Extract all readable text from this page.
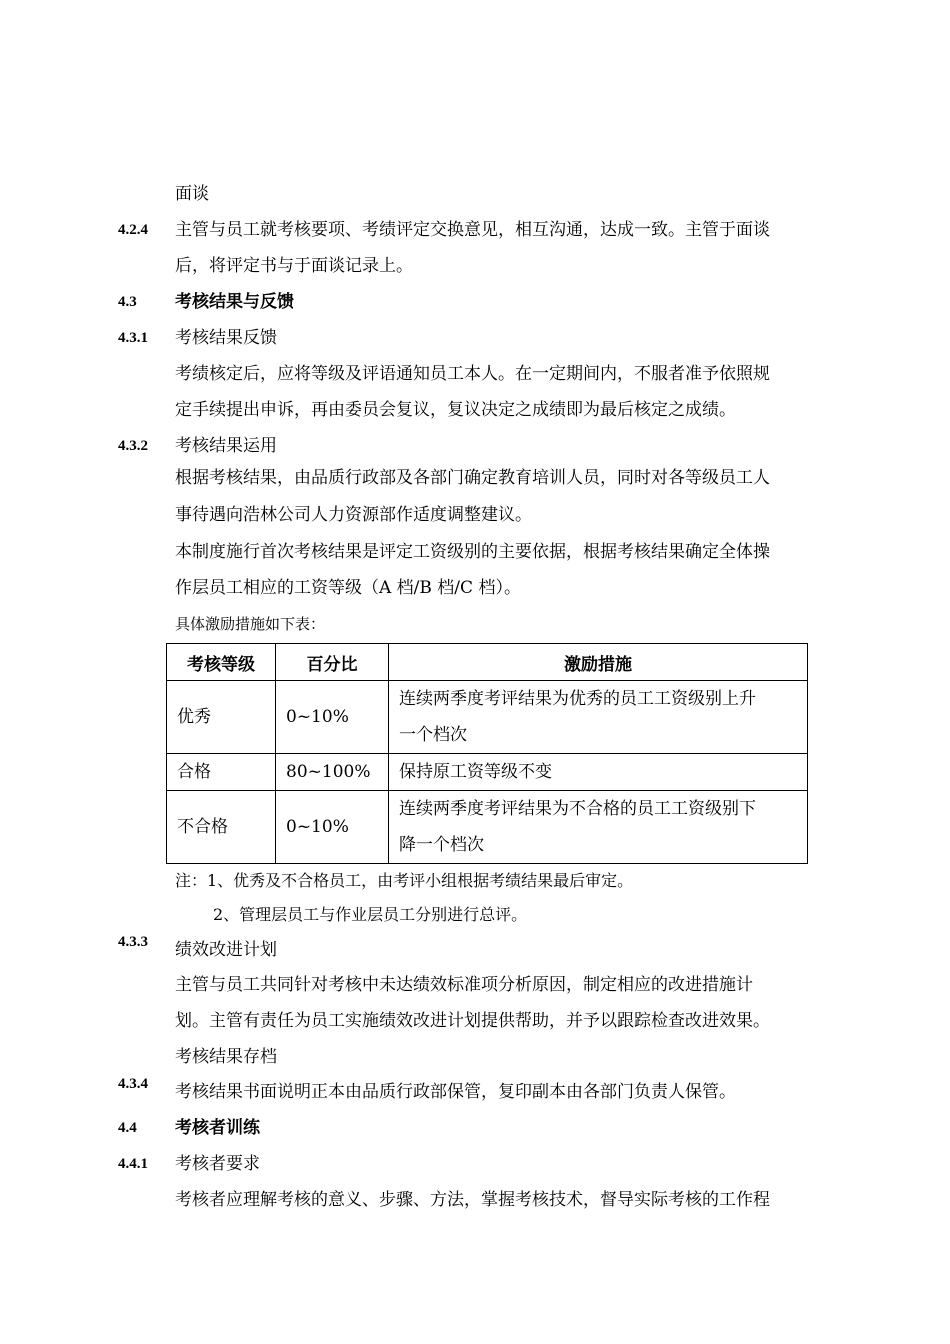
面谈
4.2.4 主管与员工就考核要项、考绩评定交换意见，相互沟通，达成一致。主管于面谈
后，将评定书与于面谈记录上。
4.3 考核结果与反馈
4.3.1 考核结果反馈
考绩核定后，应将等级及评语通知员工本人。在一定期间内，不服者准予依照规
定手续提出申诉，再由委员会复议，复议决定之成绩即为最后核定之成绩。
4.3.2 考核结果运用
根据考核结果，由品质行政部及各部门确定教育培训人员，同时对各等级员工人
事待遇向浩林公司人力资源部作适度调整建议。
本制度施行首次考核结果是评定工资级别的主要依据，根据考核结果确定全体操
作层员工相应的工资等级（A 档/B 档/C 档）。
具体激励措施如下表：
考核等级	百分比	激励措施
优秀	0~10%	连续两季度考评结果为优秀的员工工资级别上升
一个档次

合格	80~100%	保持原工资等级不变
不合格	0~10%	连续两季度考评结果为不合格的员工工资级别下
降一个档次
注：1、优秀及不合格员工，由考评小组根据考绩结果最后审定。
2、管理层员工与作业层员工分别进行总评。
4.3.3 绩效改进计划
主管与员工共同针对考核中未达绩效标准项分析原因，制定相应的改进措施计
划。主管有责任为员工实施绩效改进计划提供帮助，并予以跟踪检查改进效果。
考核结果存档
4.3.4 考核结果书面说明正本由品质行政部保管，复印副本由各部门负责人保管。
4.4 考核者训练
4.4.1 考核者要求
考核者应理解考核的意义、步骤、方法，掌握考核技术，督导实际考核的工作程
